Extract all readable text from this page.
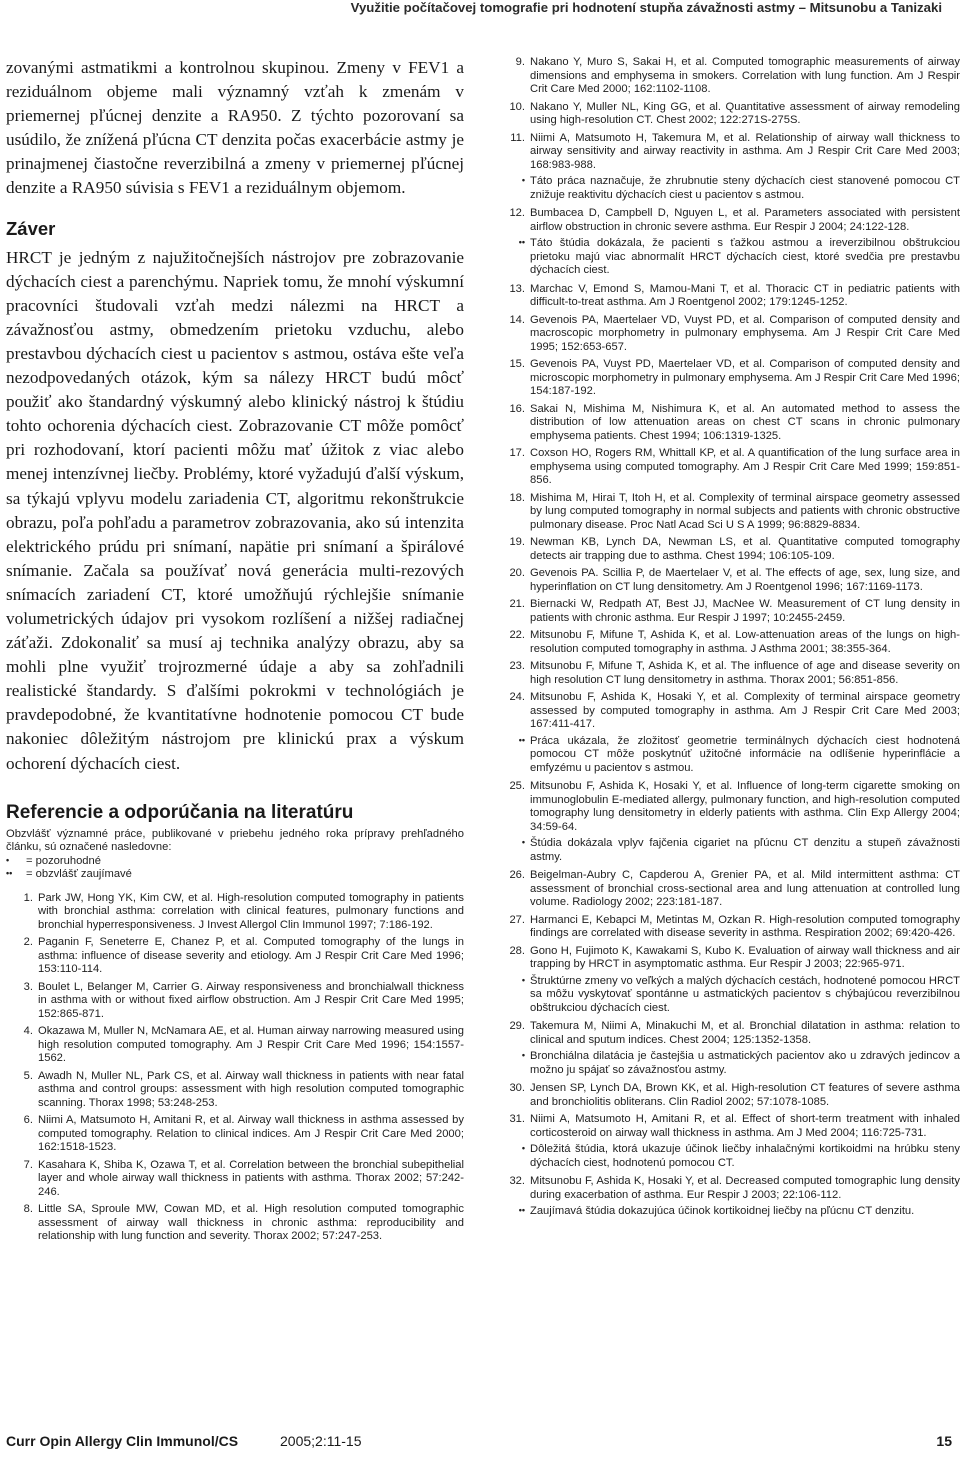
Využitie počítačovej tomografie pri hodnotení stupňa závažnosti astmy – Mitsunobu a Tanizaki

zovanými astmatikmi a kontrolnou skupinou. Zmeny v FEV1 a reziduálnom objeme mali významný vzťah k zmenám v priemernej pľúcnej denzite a RA950. Z týchto pozorovaní sa usúdilo, že znížená pľúcna CT denzita počas exacerbácie astmy je prinajmenej čiastočne reverzibilná a zmeny v priemernej pľúcnej denzite a RA950 súvisia s FEV1 a reziduálnym objemom.

Záver

HRCT je jedným z najužitočnejších nástrojov pre zobrazovanie dýchacích ciest a parenchýmu. Napriek tomu, že mnohí výskumní pracovníci študovali vzťah medzi nálezmi na HRCT a závažnosťou astmy, obmedzením prietoku vzduchu, alebo prestavbou dýchacích ciest u pacientov s astmou, ostáva ešte veľa nezodpovedaných otázok, kým sa nálezy HRCT budú môcť použiť ako štandardný výskumný alebo klinický nástroj k štúdiu tohto ochorenia dýchacích ciest. Zobrazovanie CT môže pomôcť pri rozhodovaní, ktorí pacienti môžu mať úžitok z viac alebo menej intenzívnej liečby. Problémy, ktoré vyžadujú ďalší výskum, sa týkajú vplyvu modelu zariadenia CT, algoritmu rekonštrukcie obrazu, poľa pohľadu a parametrov zobrazovania, ako sú intenzita elektrického prúdu pri snímaní, napätie pri snímaní a špirálové snímanie. Začala sa používať nová generácia multi-rezových snímacích zariadení CT, ktoré umožňujú rýchlejšie snímanie volumetrických údajov pri vysokom rozlíšení a nižšej radiačnej záťaži. Zdokonaliť sa musí aj technika analýzy obrazu, aby sa mohli plne využiť trojrozmerné údaje a aby sa zohľadnili realistické štandardy. S ďalšími pokrokmi v technológiách je pravdepodobné, že kvantitatívne hodnotenie pomocou CT bude nakoniec dôležitým nástrojom pre klinickú prax a výskum ochorení dýchacích ciest.

Referencie a odporúčania na literatúru

Obzvlášť významné práce, publikované v priebehu jedného roka prípravy prehľadného článku, sú označené nasledovne:

•	= pozoruhodné
••	= obzvlášť zaujímavé
1. Park JW, Hong YK, Kim CW, et al. High-resolution computed tomography in patients with bronchial asthma: correlation with clinical features, pulmonary functions and bronchial hyperresponsiveness. J Invest Allergol Clin Immunol 1997; 7:186-192.
2. Paganin F, Seneterre E, Chanez P, et al. Computed tomography of the lungs in asthma: influence of disease severity and etiology. Am J Respir Crit Care Med 1996; 153:110-114.
3. Boulet L, Belanger M, Carrier G. Airway responsiveness and bronchialwall thickness in asthma with or without fixed airflow obstruction. Am J Respir Crit Care Med 1995; 152:865-871.
4. Okazawa M, Muller N, McNamara AE, et al. Human airway narrowing measured using high resolution computed tomography. Am J Respir Crit Care Med 1996; 154:1557-1562.
5. Awadh N, Muller NL, Park CS, et al. Airway wall thickness in patients with near fatal asthma and control groups: assessment with high resolution computed tomographic scanning. Thorax 1998; 53:248-253.
6. Niimi A, Matsumoto H, Amitani R, et al. Airway wall thickness in asthma assessed by computed tomography. Relation to clinical indices. Am J Respir Crit Care Med 2000; 162:1518-1523.
7. Kasahara K, Shiba K, Ozawa T, et al. Correlation between the bronchial subepithelial layer and whole airway wall thickness in patients with asthma. Thorax 2002; 57:242-246.
8. Little SA, Sproule MW, Cowan MD, et al. High resolution computed tomographic assessment of airway wall thickness in chronic asthma: reproducibility and relationship with lung function and severity. Thorax 2002; 57:247-253.
9. Nakano Y, Muro S, Sakai H, et al. Computed tomographic measurements of airway dimensions and emphysema in smokers. Correlation with lung function. Am J Respir Crit Care Med 2000; 162:1102-1108.
10. Nakano Y, Muller NL, King GG, et al. Quantitative assessment of airway remodeling using high-resolution CT. Chest 2002; 122:271S-275S.
11. Niimi A, Matsumoto H, Takemura M, et al. Relationship of airway wall thickness to airway sensitivity and airway reactivity in asthma. Am J Respir Crit Care Med 2003; 168:983-988.
• Táto práca naznačuje, že zhrubnutie steny dýchacích ciest stanovené pomocou CT znižuje reaktivitu dýchacích ciest u pacientov s astmou.
12. Bumbacea D, Campbell D, Nguyen L, et al. Parameters associated with persistent airflow obstruction in chronic severe asthma. Eur Respir J 2004; 24:122-128.
•• Táto štúdia dokázala, že pacienti s ťažkou astmou a ireverzibilnou obštrukciou prietoku majú viac abnormalít HRCT dýchacích ciest, ktoré svedčia pre prestavbu dýchacích ciest.
13. Marchac V, Emond S, Mamou-Mani T, et al. Thoracic CT in pediatric patients with difficult-to-treat asthma. Am J Roentgenol 2002; 179:1245-1252.
14. Gevenois PA, Maertelaer VD, Vuyst PD, et al. Comparison of computed density and macroscopic morphometry in pulmonary emphysema. Am J Respir Crit Care Med 1995; 152:653-657.
15. Gevenois PA, Vuyst PD, Maertelaer VD, et al. Comparison of computed density and microscopic morphometry in pulmonary emphysema. Am J Respir Crit Care Med 1996; 154:187-192.
16. Sakai N, Mishima M, Nishimura K, et al. An automated method to assess the distribution of low attenuation areas on chest CT scans in chronic pulmonary emphysema patients. Chest 1994; 106:1319-1325.
17. Coxson HO, Rogers RM, Whittall KP, et al. A quantification of the lung surface area in emphysema using computed tomography. Am J Respir Crit Care Med 1999; 159:851-856.
18. Mishima M, Hirai T, Itoh H, et al. Complexity of terminal airspace geometry assessed by lung computed tomography in normal subjects and patients with chronic obstructive pulmonary disease. Proc Natl Acad Sci U S A 1999; 96:8829-8834.
19. Newman KB, Lynch DA, Newman LS, et al. Quantitative computed tomography detects air trapping due to asthma. Chest 1994; 106:105-109.
20. Gevenois PA. Scillia P, de Maertelaer V, et al. The effects of age, sex, lung size, and hyperinflation on CT lung densitometry. Am J Roentgenol 1996; 167:1169-1173.
21. Biernacki W, Redpath AT, Best JJ, MacNee W. Measurement of CT lung density in patients with chronic asthma. Eur Respir J 1997; 10:2455-2459.
22. Mitsunobu F, Mifune T, Ashida K, et al. Low-attenuation areas of the lungs on high-resolution computed tomography in asthma. J Asthma 2001; 38:355-364.
23. Mitsunobu F, Mifune T, Ashida K, et al. The influence of age and disease severity on high resolution CT lung densitometry in asthma. Thorax 2001; 56:851-856.
24. Mitsunobu F, Ashida K, Hosaki Y, et al. Complexity of terminal airspace geometry assessed by computed tomography in asthma. Am J Respir Crit Care Med 2003; 167:411-417.
•• Práca ukázala, že zložitosť geometrie terminálnych dýchacích ciest hodnotená pomocou CT môže poskytnúť užitočné informácie na odlíšenie hyperinflácie a emfyzému u pacientov s astmou.
25. Mitsunobu F, Ashida K, Hosaki Y, et al. Influence of long-term cigarette smoking on immunoglobulin E-mediated allergy, pulmonary function, and high-resolution computed tomography lung densitometry in elderly patients with asthma. Clin Exp Allergy 2004; 34:59-64.
• Štúdia dokázala vplyv fajčenia cigariet na pľúcnu CT denzitu a stupeň závažnosti astmy.
26. Beigelman-Aubry C, Capderou A, Grenier PA, et al. Mild intermittent asthma: CT assessment of bronchial cross-sectional area and lung attenuation at controlled lung volume. Radiology 2002; 223:181-187.
27. Harmanci E, Kebapci M, Metintas M, Ozkan R. High-resolution computed tomography findings are correlated with disease severity in asthma. Respiration 2002; 69:420-426.
28. Gono H, Fujimoto K, Kawakami S, Kubo K. Evaluation of airway wall thickness and air trapping by HRCT in asymptomatic asthma. Eur Respir J 2003; 22:965-971.
• Štruktúrne zmeny vo veľkých a malých dýchacích cestách, hodnotené pomocou HRCT sa môžu vyskytovať spontánne u astmatických pacientov s chýbajúcou reverzibilnou obštrukciou dýchacích ciest.
29. Takemura M, Niimi A, Minakuchi M, et al. Bronchial dilatation in asthma: relation to clinical and sputum indices. Chest 2004; 125:1352-1358.
• Bronchiálna dilatácia je častejšia u astmatických pacientov ako u zdravých jedincov a možno ju spájať so závažnosťou astmy.
30. Jensen SP, Lynch DA, Brown KK, et al. High-resolution CT features of severe asthma and bronchiolitis obliterans. Clin Radiol 2002; 57:1078-1085.
31. Niimi A, Matsumoto H, Amitani R, et al. Effect of short-term treatment with inhaled corticosteroid on airway wall thickness in asthma. Am J Med 2004; 116:725-731.
• Dôležitá štúdia, ktorá ukazuje účinok liečby inhalačnými kortikoidmi na hrúbku steny dýchacích ciest, hodnotenú pomocou CT.
32. Mitsunobu F, Ashida K, Hosaki Y, et al. Decreased computed tomographic lung density during exacerbation of asthma. Eur Respir J 2003; 22:106-112.
•• Zaujímavá štúdia dokazujúca účinok kortikoidnej liečby na pľúcnu CT denzitu.
Curr Opin Allergy Clin Immunol/CS	2005;2:11-15	15
